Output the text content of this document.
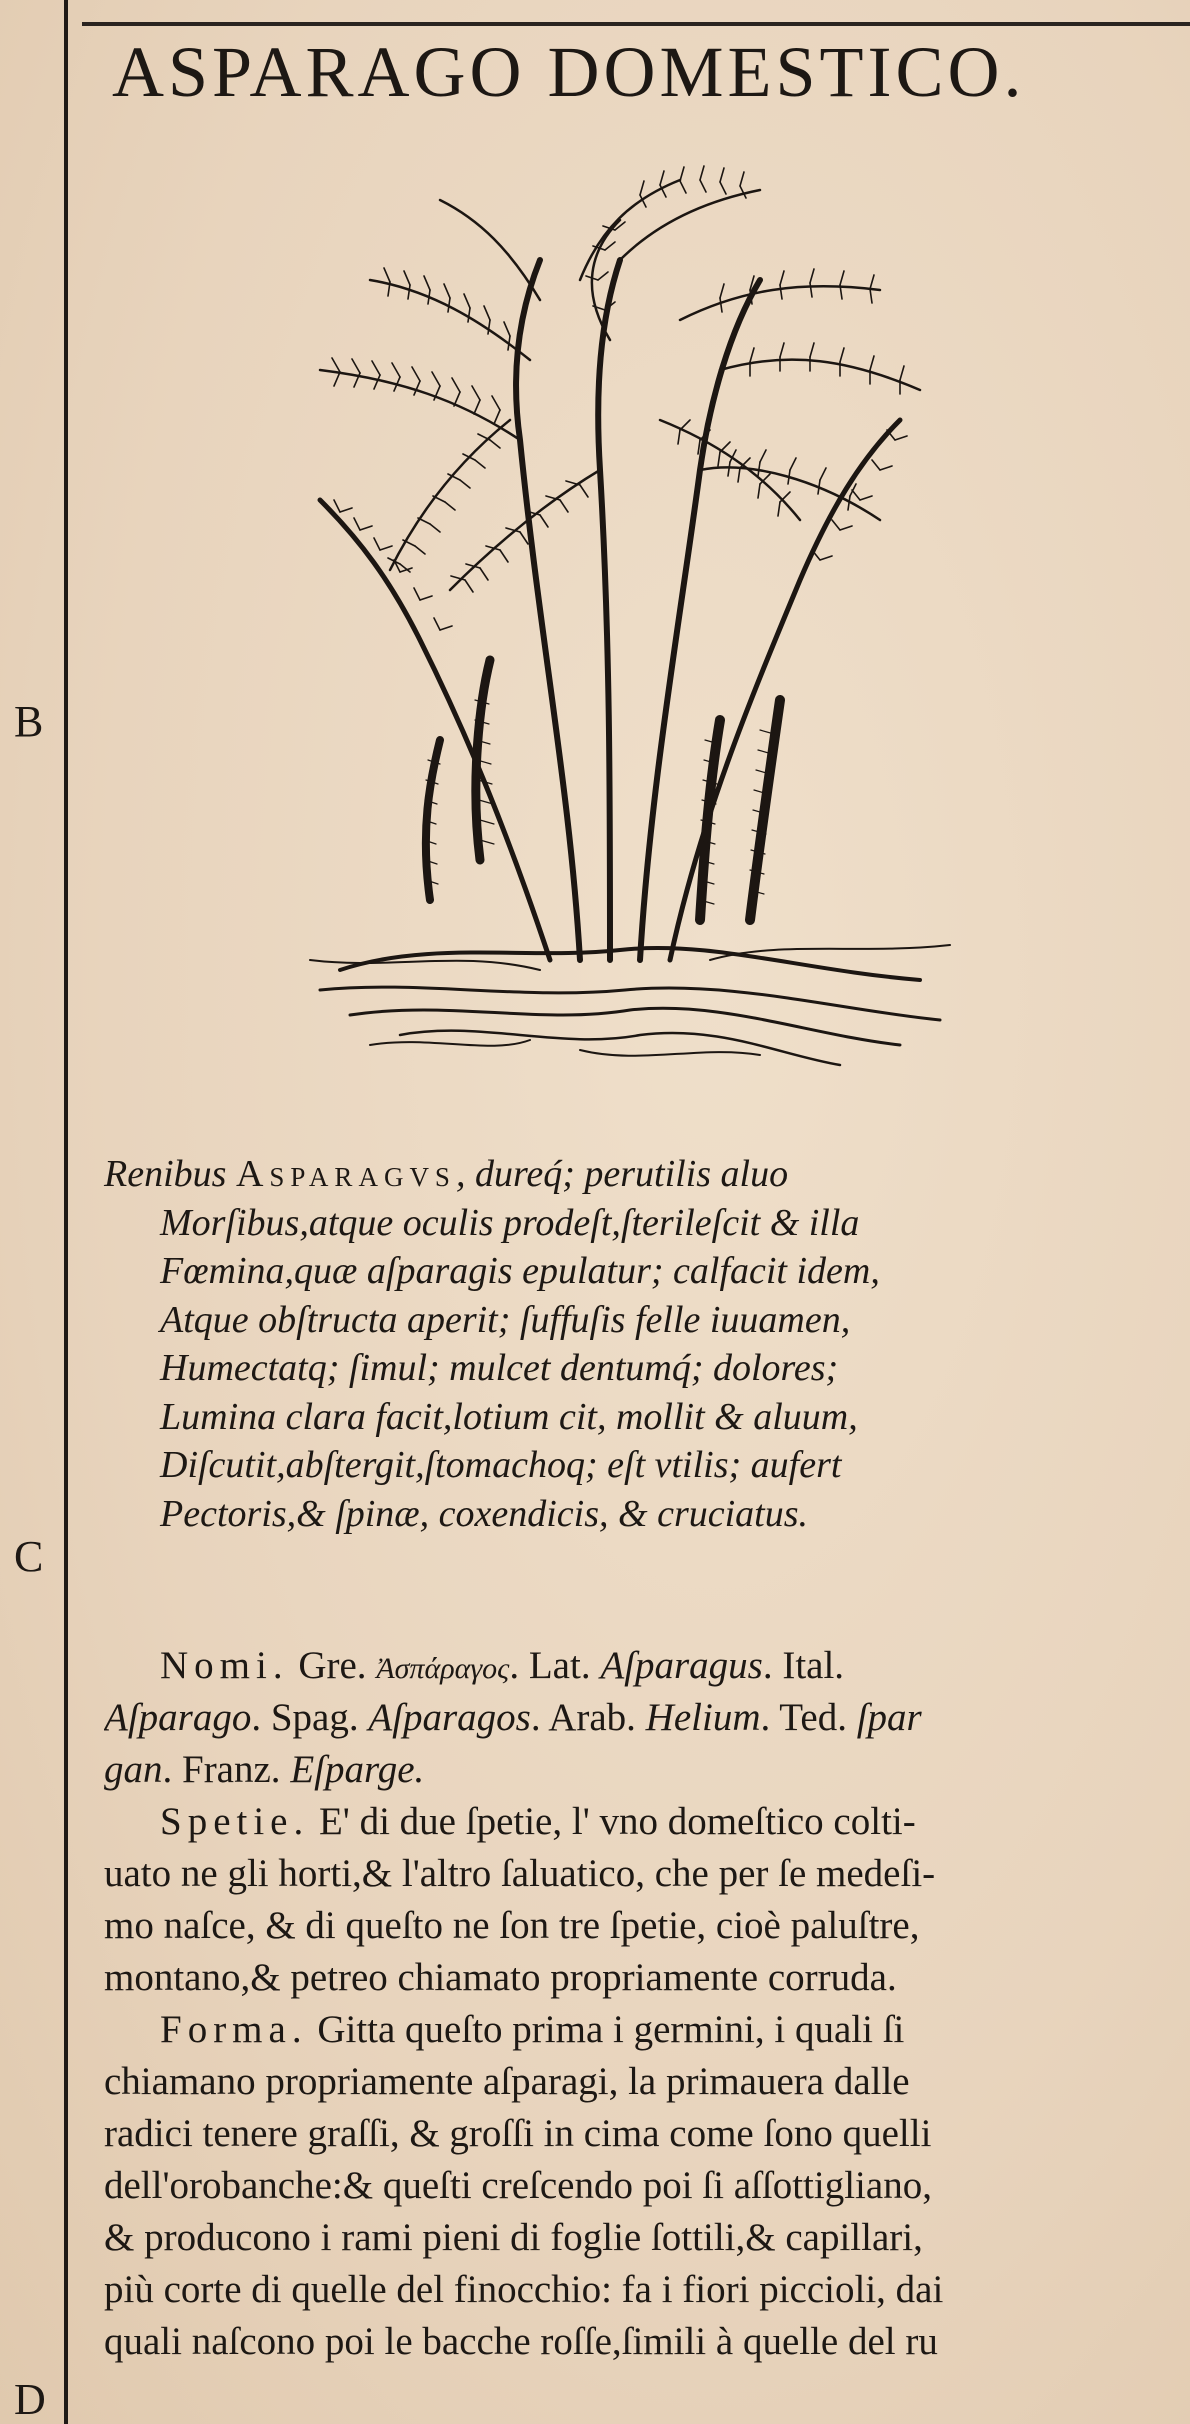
ASPARAGO DOMESTICO.
B
C
D
Renibus Asparagvs, dureq́; perutilis aluo
Morſibus,atque oculis prodeſt,ſterileſcit & illa
Fœmina,quæ aſparagis epulatur; calfacit idem,
Atque obſtructa aperit; ſuffuſis felle iuuamen,
Humectatq; ſimul; mulcet dentumq́; dolores;
Lumina clara facit,lotium cit, mollit & aluum,
Diſcutit,abſtergit,ſtomachoq; eſt vtilis; aufert
Pectoris,& ſpinæ, coxendicis, & cruciatus.
Nomi. Gre. Ἀσπάραγος. Lat. Aſparagus. Ital.
Aſparago. Spag. Aſparagos. Arab. Helium. Ted. ſpar
gan. Franz. Eſparge.
Spetie. E' di due ſpetie, l' vno domeſtico colti-
uato ne gli horti,& l'altro ſaluatico, che per ſe medeſi-
mo naſce, & di queſto ne ſon tre ſpetie, cioè paluſtre,
montano,& petreo chiamato propriamente corruda.
Forma. Gitta queſto prima i germini, i quali ſi
chiamano propriamente aſparagi, la primauera dalle
radici tenere graſſi, & groſſi in cima come ſono quelli
dell'orobanche:& queſti creſcendo poi ſi aſſottigliano,
& producono i rami pieni di foglie ſottili,& capillari,
più corte di quelle del finocchio: fa i fiori piccioli, dai
quali naſcono poi le bacche roſſe,ſimili à quelle del ru
